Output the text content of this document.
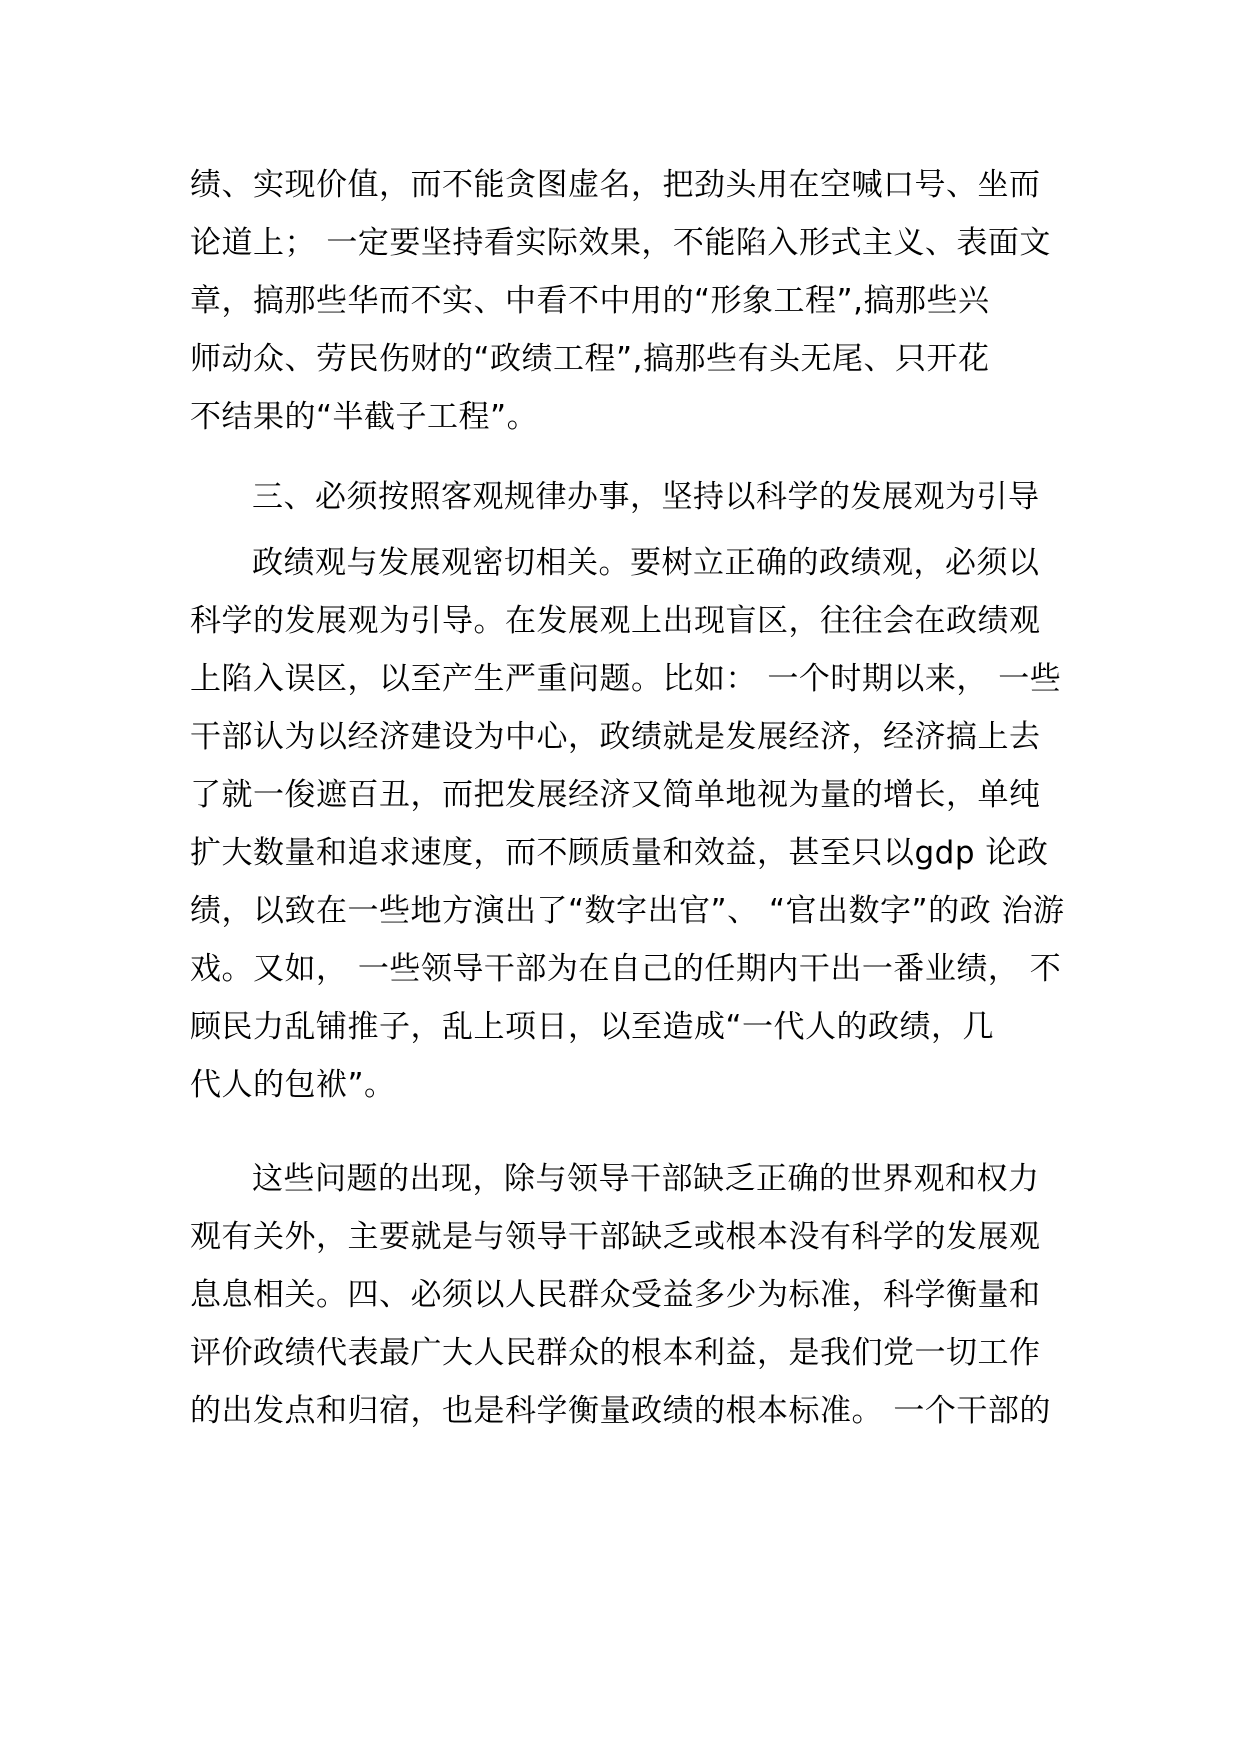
绩、实现价值，而不能贪图虚名，把劲头用在空喊口号、坐而
论道上； 一定要坚持看实际效果，不能陷入形式主义、表面文
章，搞那些华而不实、中看不中用的“形象工程”,搞那些兴
师动众、劳民伤财的“政绩工程”,搞那些有头无尾、只开花
不结果的“半截子工程”。
三、必须按照客观规律办事，坚持以科学的发展观为引导
政绩观与发展观密切相关。要树立正确的政绩观，必须以
科学的发展观为引导。在发展观上出现盲区，往往会在政绩观
上陷入误区，以至产生严重问题。比如： 一个时期以来， 一些
干部认为以经济建设为中心，政绩就是发展经济，经济搞上去
了就一俊遮百丑，而把发展经济又简单地视为量的增长，单纯
扩大数量和追求速度，而不顾质量和效益，甚至只以gdp 论政
绩，以致在一些地方演出了“数字出官”、 “官出数字”的政 治游
戏。又如， 一些领导干部为在自己的任期内干出一番业绩， 不
顾民力乱铺推子，乱上项日，以至造成“一代人的政绩，几
代人的包袱”。
这些问题的出现，除与领导干部缺乏正确的世界观和权力
观有关外，主要就是与领导干部缺乏或根本没有科学的发展观
息息相关。四、必须以人民群众受益多少为标准，科学衡量和
评价政绩代表最广大人民群众的根本利益，是我们党一切工作
的出发点和归宿，也是科学衡量政绩的根本标准。 一个干部的
